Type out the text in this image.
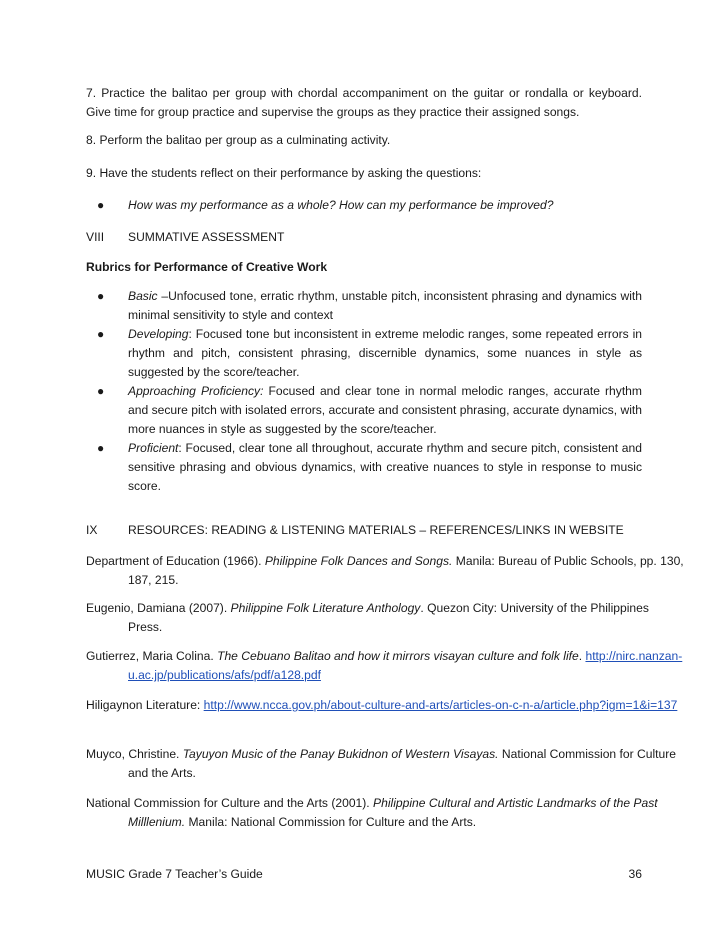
7. Practice the balitao per group with chordal accompaniment on the guitar or rondalla or keyboard. Give time for group practice and supervise the groups as they practice their assigned songs.
8. Perform the balitao per group as a culminating activity.
9. Have the students reflect on their performance by asking the questions:
● How was my performance as a whole? How can my performance be improved?
VIII SUMMATIVE ASSESSMENT
Rubrics for Performance of Creative Work
● Basic –Unfocused tone, erratic rhythm, unstable pitch, inconsistent phrasing and dynamics with minimal sensitivity to style and context
● Developing: Focused tone but inconsistent in extreme melodic ranges, some repeated errors in rhythm and pitch, consistent phrasing, discernible dynamics, some nuances in style as suggested by the score/teacher.
● Approaching Proficiency: Focused and clear tone in normal melodic ranges, accurate rhythm and secure pitch with isolated errors, accurate and consistent phrasing, accurate dynamics, with more nuances in style as suggested by the score/teacher.
● Proficient: Focused, clear tone all throughout, accurate rhythm and secure pitch, consistent and sensitive phrasing and obvious dynamics, with creative nuances to style in response to music score.
IX	RESOURCES: READING & LISTENING MATERIALS – REFERENCES/LINKS IN WEBSITE
Department of Education (1966). Philippine Folk Dances and Songs. Manila: Bureau of Public Schools, pp. 130, 187, 215.
Eugenio, Damiana (2007). Philippine Folk Literature Anthology. Quezon City: University of the Philippines Press.
Gutierrez, Maria Colina. The Cebuano Balitao and how it mirrors visayan culture and folk life. http://nirc.nanzan-u.ac.jp/publications/afs/pdf/a128.pdf
Hiligaynon Literature: http://www.ncca.gov.ph/about-culture-and-arts/articles-on-c-n-a/article.php?igm=1&i=137
Muyco, Christine. Tayuyon Music of the Panay Bukidnon of Western Visayas. National Commission for Culture and the Arts.
National Commission for Culture and the Arts (2001). Philippine Cultural and Artistic Landmarks of the Past Milllenium. Manila: National Commission for Culture and the Arts.
MUSIC Grade 7 Teacher’s Guide	36
